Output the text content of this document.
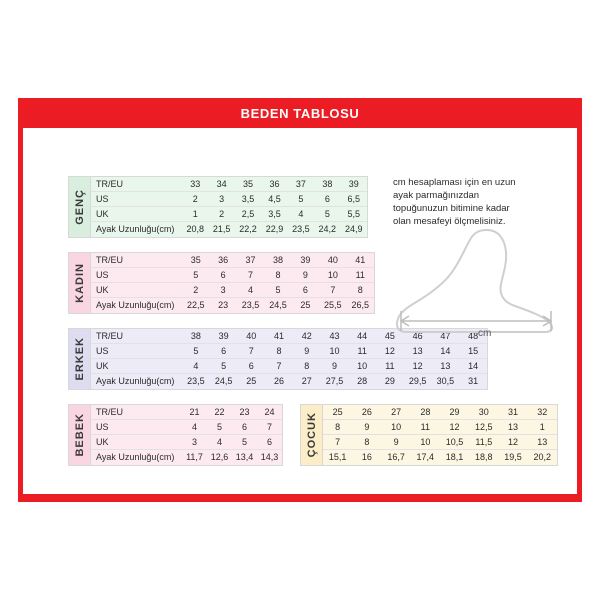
BEDEN TABLOSU
GENÇ
TR/EU	33	34	35	36	37	38	39
US	2	3	3,5	4,5	5	6	6,5
UK	1	2	2,5	3,5	4	5	5,5
Ayak Uzunluğu(cm)	20,8	21,5	22,2	22,9	23,5	24,2	24,9
KADIN
TR/EU	35	36	37	38	39	40	41
US	5	6	7	8	9	10	11
UK	2	3	4	5	6	7	8
Ayak Uzunluğu(cm)	22,5	23	23,5	24,5	25	25,5	26,5
ERKEK
TR/EU	38	39	40	41	42	43	44	45	46	47	48
US	5	6	7	8	9	10	11	12	13	14	15
UK	4	5	6	7	8	9	10	11	12	13	14
Ayak Uzunluğu(cm)	23,5	24,5	25	26	27	27,5	28	29	29,5	30,5	31
BEBEK
TR/EU	21	22	23	24
US	4	5	6	7
UK	3	4	5	6
Ayak Uzunluğu(cm)	11,7	12,6	13,4	14,3 ÇOCUK
25	26	27	28	29	30	31	32
8	9	10	11	12	12,5	13	1
7	8	9	10	10,5	11,5	12	13
15,1	16	16,7	17,4	18,1	18,8	19,5	20,2
cm hesaplaması için en uzun ayak parmağınızdan topuğunuzun bitimine kadar olan mesafeyi ölçmelisiniz.
cm
